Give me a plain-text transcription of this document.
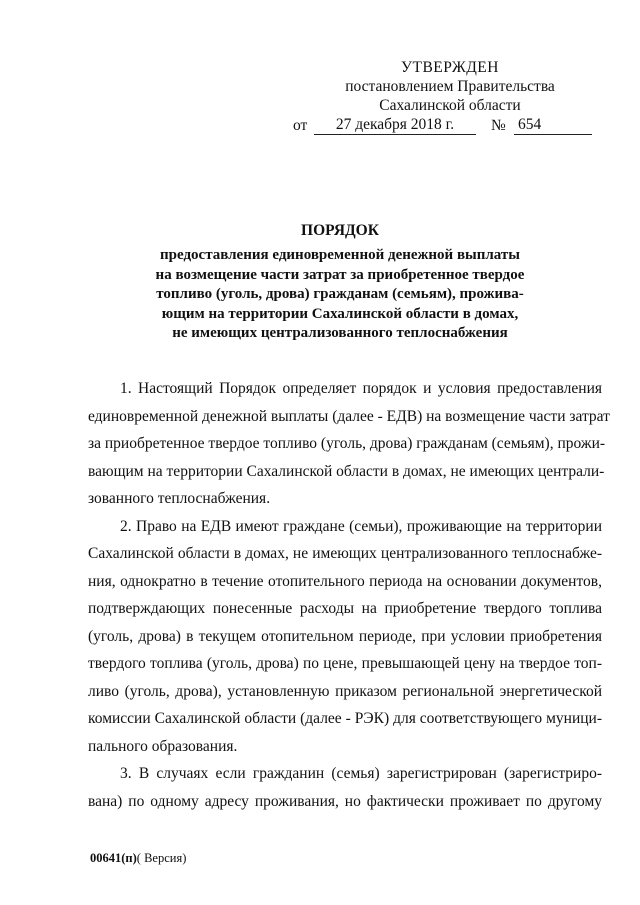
УТВЕРЖДЕН
постановлением Правительства
Сахалинской области
от	27 декабря 2018 г.	№ 654
ПОРЯДОК
предоставления единовременной денежной выплаты
на возмещение части затрат за приобретенное твердое
топливо (уголь, дрова) гражданам (семьям), прожива-
ющим на территории Сахалинской области в домах,
не имеющих централизованного теплоснабжения
1. Настоящий Порядок определяет порядок и условия предоставления
единовременной денежной выплаты (далее - ЕДВ) на возмещение части затрат
за приобретенное твердое топливо (уголь, дрова) гражданам (семьям), прожи-
вающим на территории Сахалинской области в домах, не имеющих централи-
зованного теплоснабжения.
2. Право на ЕДВ имеют граждане (семьи), проживающие на территории
Сахалинской области в домах, не имеющих централизованного теплоснабже-
ния, однократно в течение отопительного периода на основании документов,
подтверждающих понесенные расходы на приобретение твердого топлива
(уголь, дрова) в текущем отопительном периоде, при условии приобретения
твердого топлива (уголь, дрова) по цене, превышающей цену на твердое топ-
ливо (уголь, дрова), установленную приказом региональной энергетической
комиссии Сахалинской области (далее - РЭК) для соответствующего муници-
пального образования.
3. В случаях если гражданин (семья) зарегистрирован (зарегистриро-
вана) по одному адресу проживания, но фактически проживает по другому
00641(п)( Версия)
